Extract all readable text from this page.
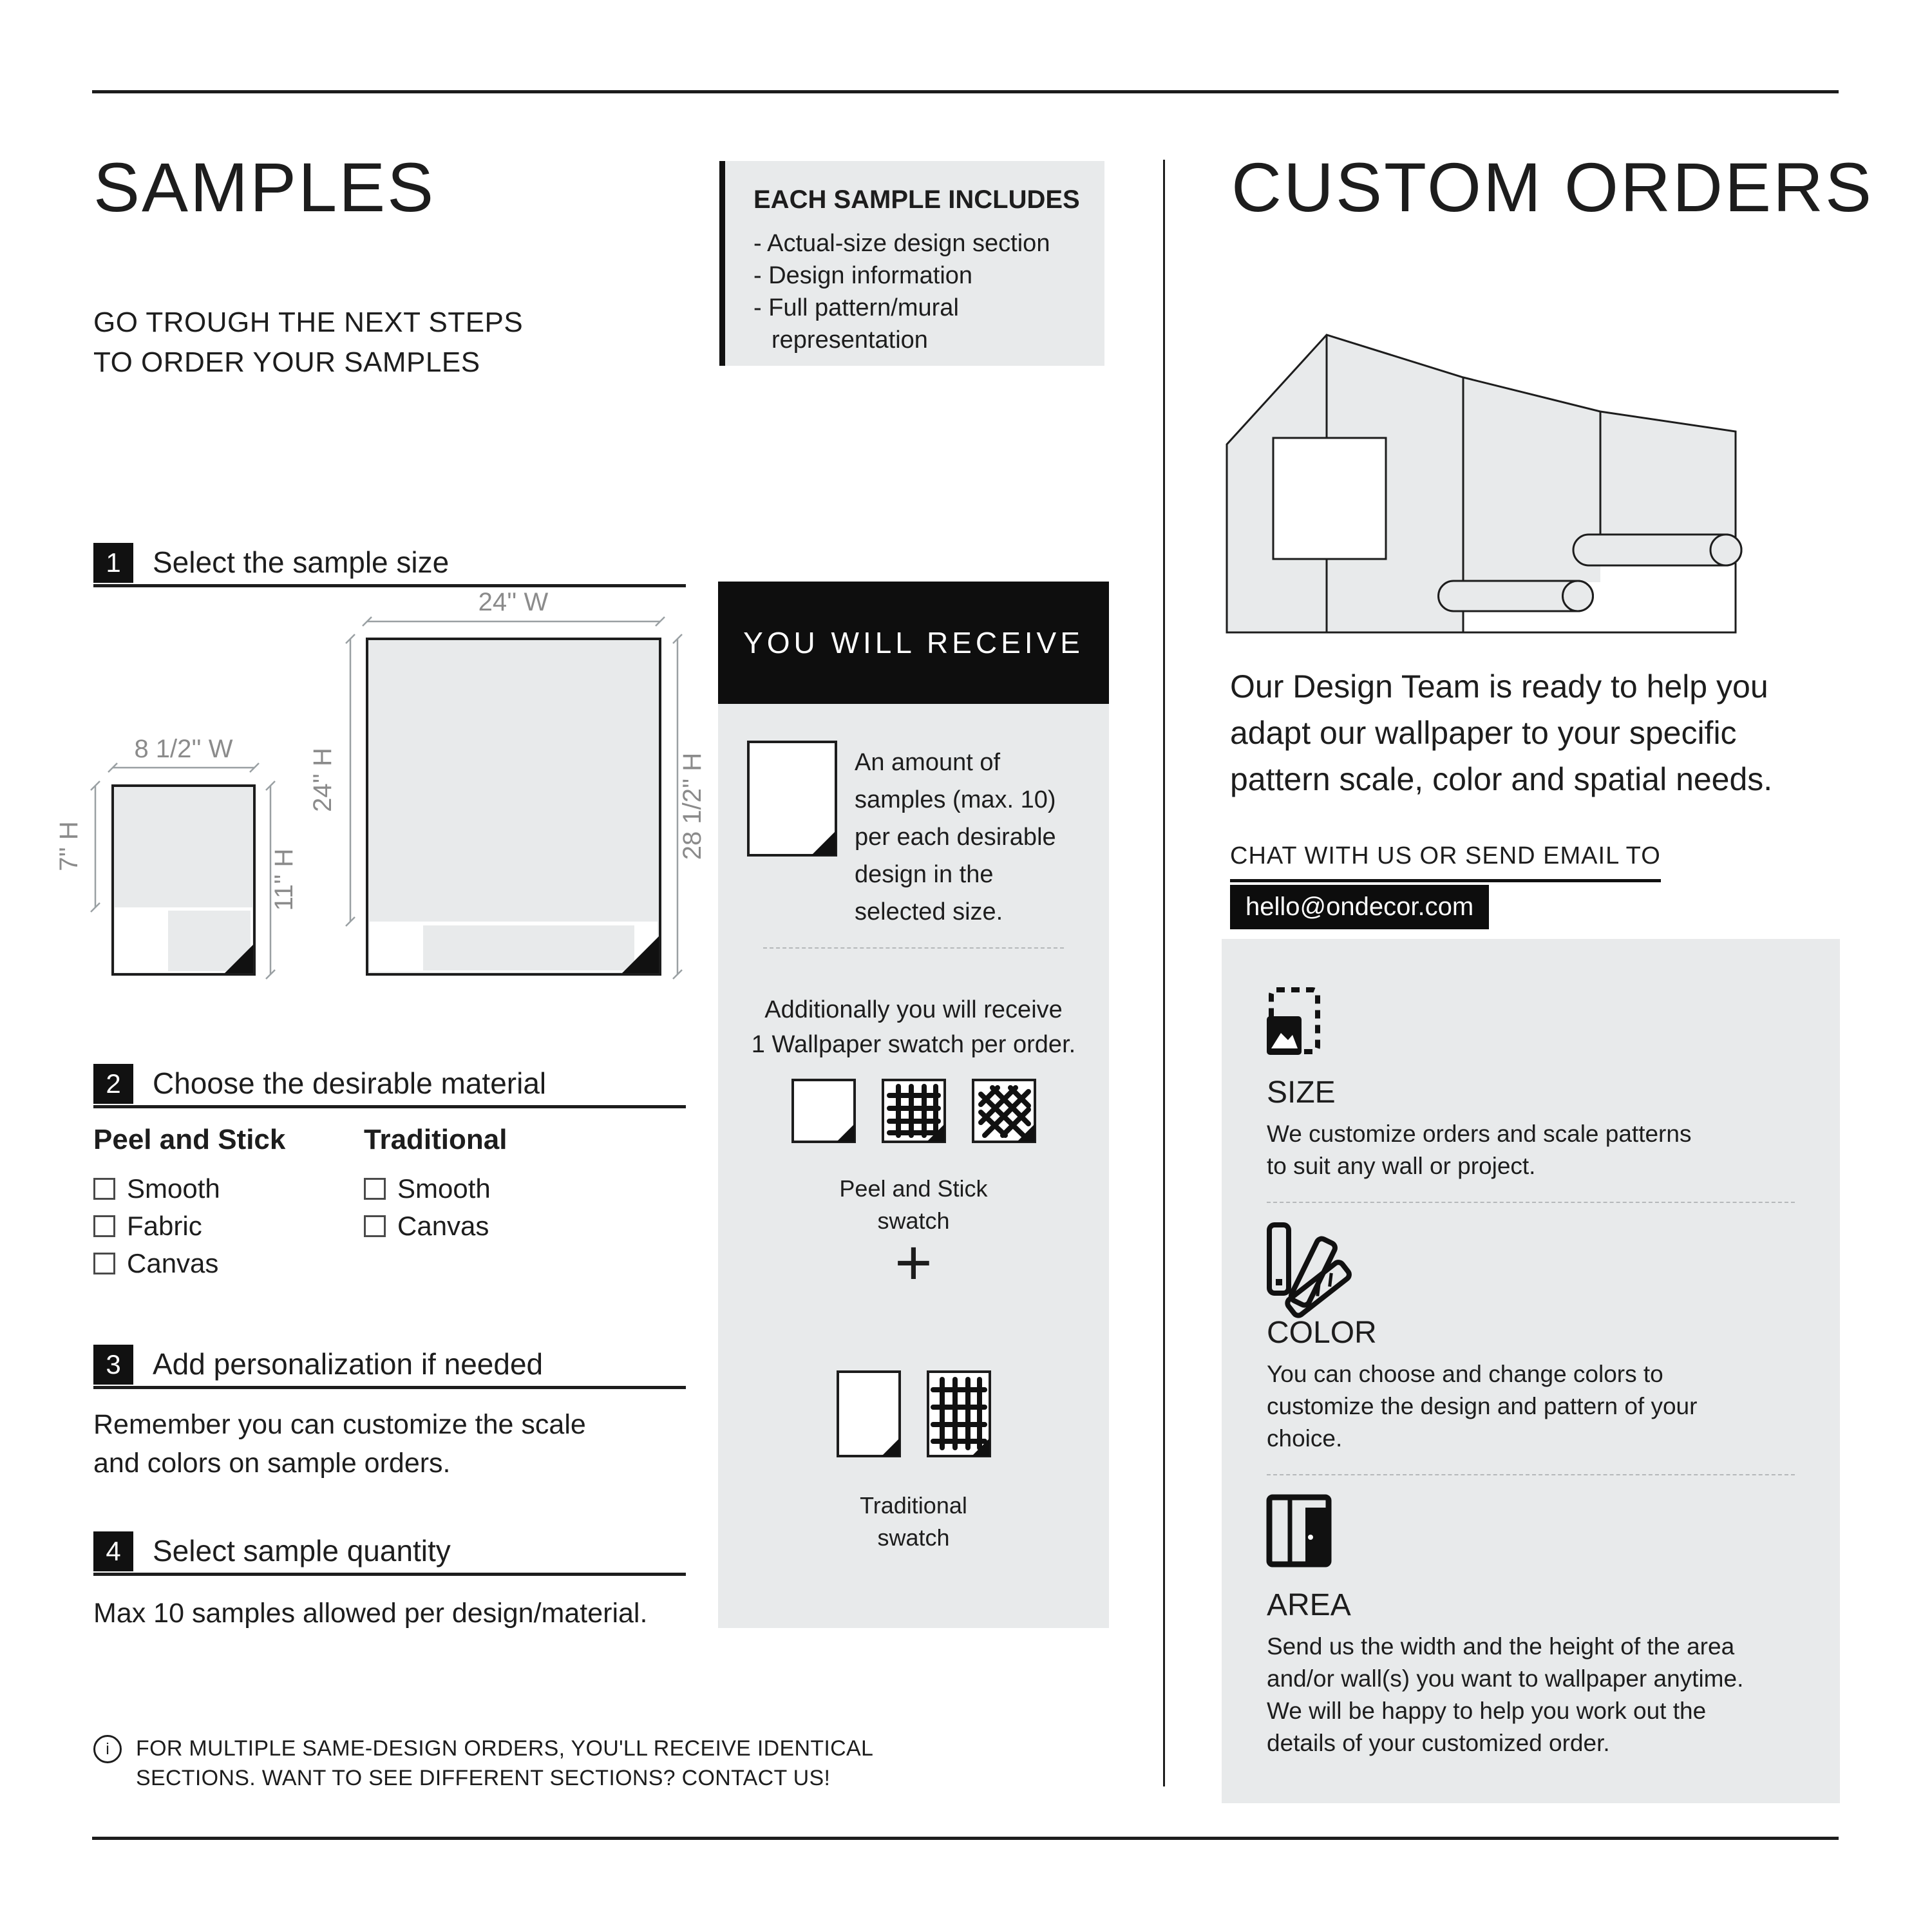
SAMPLES
GO TROUGH THE NEXT STEPS
TO ORDER YOUR SAMPLES
EACH SAMPLE INCLUDES
- Actual-size design section
- Design information
- Full pattern/mural representation
1	Select the sample size
24'' W
24'' H	28 1/2'' H
8 1/2'' W
7'' H
11'' H
2	Choose the desirable material
Peel and Stick
Smooth
Fabric
Canvas
Traditional
Smooth
Canvas
3	Add personalization if needed
Remember you can customize the scale
and colors on sample orders.
4	Select sample quantity
Max 10 samples allowed per design/material.
i	FOR MULTIPLE SAME-DESIGN ORDERS, YOU'LL RECEIVE IDENTICAL
SECTIONS. WANT TO SEE DIFFERENT SECTIONS? CONTACT US!
YOU WILL RECEIVE
An amount of
samples (max. 10)
per each desirable
design in the
selected size.
Additionally you will receive
1 Wallpaper swatch per order.
Peel and Stick
swatch
+
Traditional
swatch
CUSTOM ORDERS
Our Design Team is ready to help you
adapt our wallpaper to your specific
pattern scale, color and spatial needs.
CHAT WITH US OR SEND EMAIL TO
hello@ondecor.com
SIZE
We customize orders and scale patterns
to suit any wall or project.
COLOR
You can choose and change colors to
customize the design and pattern of your
choice.
AREA
Send us the width and the height of the area
and/or wall(s) you want to wallpaper anytime.
We will be happy to help you work out the
details of your customized order.
